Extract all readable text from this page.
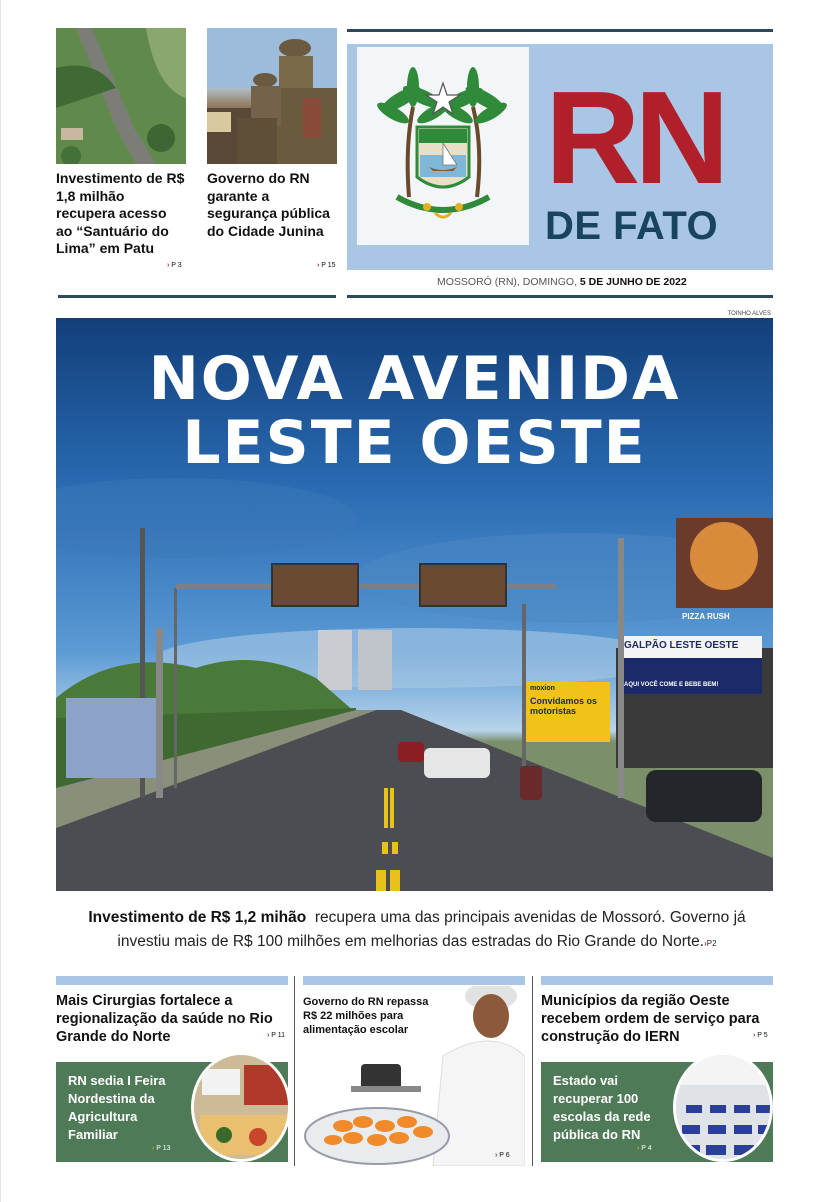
Investimento de R$ 1,8 milhão recupera acesso ao “Santuário do Lima” em Patu
› P 3
Governo do RN garante a segurança pública do Cidade Junina
› P 15
RN
DE FATO
MOSSORÓ (RN), DOMINGO, 5 DE JUNHO DE 2022
TOINHO ALVES
NOVA AVENIDA
LESTE OESTE
PIZZA RUSH
GALPÃO LESTE OESTE
AQUI VOCÊ COME E BEBE BEM!
moxion
Convidamos os motoristas
Investimento de R$ 1,2 mihão recupera uma das principais avenidas de Mossoró. Governo já investiu mais de R$ 100 milhões em melhorias das estradas do Rio Grande do Norte.›P2
Mais Cirurgias fortalece a regionalização da saúde no Rio Grande do Norte	› P 11
RN sedia I Feira Nordestina da Agricultura Familiar
› P 13
Governo do RN repassa R$ 22 milhões para alimentação escolar
› P 6
Municípios da região Oeste recebem ordem de serviço para construção do IERN	› P 5
Estado vai recuperar 100 escolas da rede pública do RN
› P 4
